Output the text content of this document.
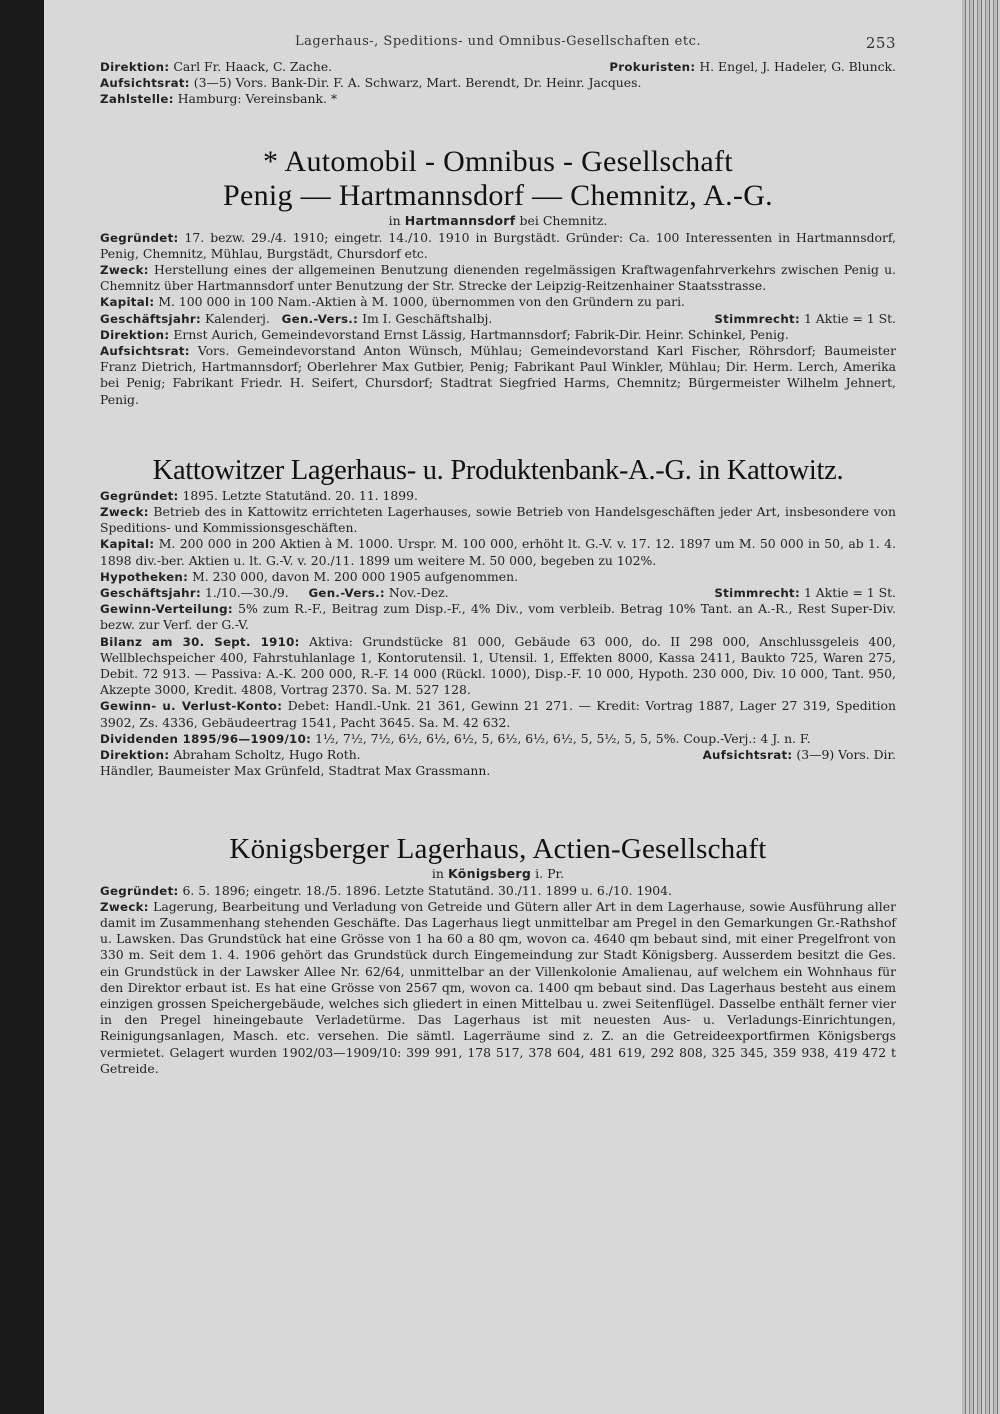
Lagerhaus-, Speditions- und Omnibus-Gesellschaften etc.	253

Direktion: Carl Fr. Haack, C. Zache.	Prokuristen: H. Engel, J. Hadeler, G. Blunck.

Aufsichtsrat: (3—5) Vors. Bank-Dir. F. A. Schwarz, Mart. Berendt, Dr. Heinr. Jacques.

Zahlstelle: Hamburg: Vereinsbank. *

* Automobil - Omnibus - Gesellschaft
Penig — Hartmannsdorf — Chemnitz, A.-G.
in Hartmannsdorf bei Chemnitz.

Gegründet: 17. bezw. 29./4. 1910; eingetr. 14./10. 1910 in Burgstädt. Gründer: Ca. 100 Interessenten in Hartmannsdorf, Penig, Chemnitz, Mühlau, Burgstädt, Chursdorf etc.

Zweck: Herstellung eines der allgemeinen Benutzung dienenden regelmässigen Kraftwagenfahrverkehrs zwischen Penig u. Chemnitz über Hartmannsdorf unter Benutzung der Str. Strecke der Leipzig-Reitzenhainer Staatsstrasse.

Kapital: M. 100 000 in 100 Nam.-Aktien à M. 1000, übernommen von den Gründern zu pari.

Geschäftsjahr: Kalenderj. Gen.-Vers.: Im I. Geschäftshalbj.	Stimmrecht: 1 Aktie = 1 St.

Direktion: Ernst Aurich, Gemeindevorstand Ernst Lässig, Hartmannsdorf; Fabrik-Dir. Heinr. Schinkel, Penig.

Aufsichtsrat: Vors. Gemeindevorstand Anton Wünsch, Mühlau; Gemeindevorstand Karl Fischer, Röhrsdorf; Baumeister Franz Dietrich, Hartmannsdorf; Oberlehrer Max Gutbier, Penig; Fabrikant Paul Winkler, Mühlau; Dir. Herm. Lerch, Amerika bei Penig; Fabrikant Friedr. H. Seifert, Chursdorf; Stadtrat Siegfried Harms, Chemnitz; Bürgermeister Wilhelm Jehnert, Penig.

Kattowitzer Lagerhaus- u. Produktenbank-A.-G. in Kattowitz.

Gegründet: 1895. Letzte Statutänd. 20. 11. 1899.

Zweck: Betrieb des in Kattowitz errichteten Lagerhauses, sowie Betrieb von Handelsgeschäften jeder Art, insbesondere von Speditions- und Kommissionsgeschäften.

Kapital: M. 200 000 in 200 Aktien à M. 1000. Urspr. M. 100 000, erhöht lt. G.-V. v. 17. 12. 1897 um M. 50 000 in 50, ab 1. 4. 1898 div.-ber. Aktien u. lt. G.-V. v. 20./11. 1899 um weitere M. 50 000, begeben zu 102%.

Hypotheken: M. 230 000, davon M. 200 000 1905 aufgenommen.

Geschäftsjahr: 1./10.—30./9. Gen.-Vers.: Nov.-Dez.	Stimmrecht: 1 Aktie = 1 St.

Gewinn-Verteilung: 5% zum R.-F., Beitrag zum Disp.-F., 4% Div., vom verbleib. Betrag 10% Tant. an A.-R., Rest Super-Div. bezw. zur Verf. der G.-V.

Bilanz am 30. Sept. 1910: Aktiva: Grundstücke 81 000, Gebäude 63 000, do. II 298 000, Anschlussgeleis 400, Wellblechspeicher 400, Fahrstuhlanlage 1, Kontorutensil. 1, Utensil. 1, Effekten 8000, Kassa 2411, Baukto 725, Waren 275, Debit. 72 913. — Passiva: A.-K. 200 000, R.-F. 14 000 (Rückl. 1000), Disp.-F. 10 000, Hypoth. 230 000, Div. 10 000, Tant. 950, Akzepte 3000, Kredit. 4808, Vortrag 2370. Sa. M. 527 128.

Gewinn- u. Verlust-Konto: Debet: Handl.-Unk. 21 361, Gewinn 21 271. — Kredit: Vortrag 1887, Lager 27 319, Spedition 3902, Zs. 4336, Gebäudeertrag 1541, Pacht 3645. Sa. M. 42 632.

Dividenden 1895/96—1909/10: 1½, 7½, 7½, 6½, 6½, 6½, 5, 6½, 6½, 6½, 5, 5½, 5, 5, 5%. Coup.-Verj.: 4 J. n. F.

Direktion: Abraham Scholtz, Hugo Roth.	Aufsichtsrat: (3—9) Vors. Dir.

Händler, Baumeister Max Grünfeld, Stadtrat Max Grassmann.

Königsberger Lagerhaus, Actien-Gesellschaft
in Königsberg i. Pr.

Gegründet: 6. 5. 1896; eingetr. 18./5. 1896. Letzte Statutänd. 30./11. 1899 u. 6./10. 1904.

Zweck: Lagerung, Bearbeitung und Verladung von Getreide und Gütern aller Art in dem Lagerhause, sowie Ausführung aller damit im Zusammenhang stehenden Geschäfte. Das Lagerhaus liegt unmittelbar am Pregel in den Gemarkungen Gr.-Rathshof u. Lawsken. Das Grundstück hat eine Grösse von 1 ha 60 a 80 qm, wovon ca. 4640 qm bebaut sind, mit einer Pregelfront von 330 m. Seit dem 1. 4. 1906 gehört das Grundstück durch Eingemeindung zur Stadt Königsberg. Ausserdem besitzt die Ges. ein Grundstück in der Lawsker Allee Nr. 62/64, unmittelbar an der Villenkolonie Amalienau, auf welchem ein Wohnhaus für den Direktor erbaut ist. Es hat eine Grösse von 2567 qm, wovon ca. 1400 qm bebaut sind. Das Lagerhaus besteht aus einem einzigen grossen Speichergebäude, welches sich gliedert in einen Mittelbau u. zwei Seitenflügel. Dasselbe enthält ferner vier in den Pregel hineingebaute Verladetürme. Das Lagerhaus ist mit neuesten Aus- u. Verladungs-Einrichtungen, Reinigungsanlagen, Masch. etc. versehen. Die sämtl. Lagerräume sind z. Z. an die Getreideexportfirmen Königsbergs vermietet. Gelagert wurden 1902/03—1909/10: 399 991, 178 517, 378 604, 481 619, 292 808, 325 345, 359 938, 419 472 t Getreide.
